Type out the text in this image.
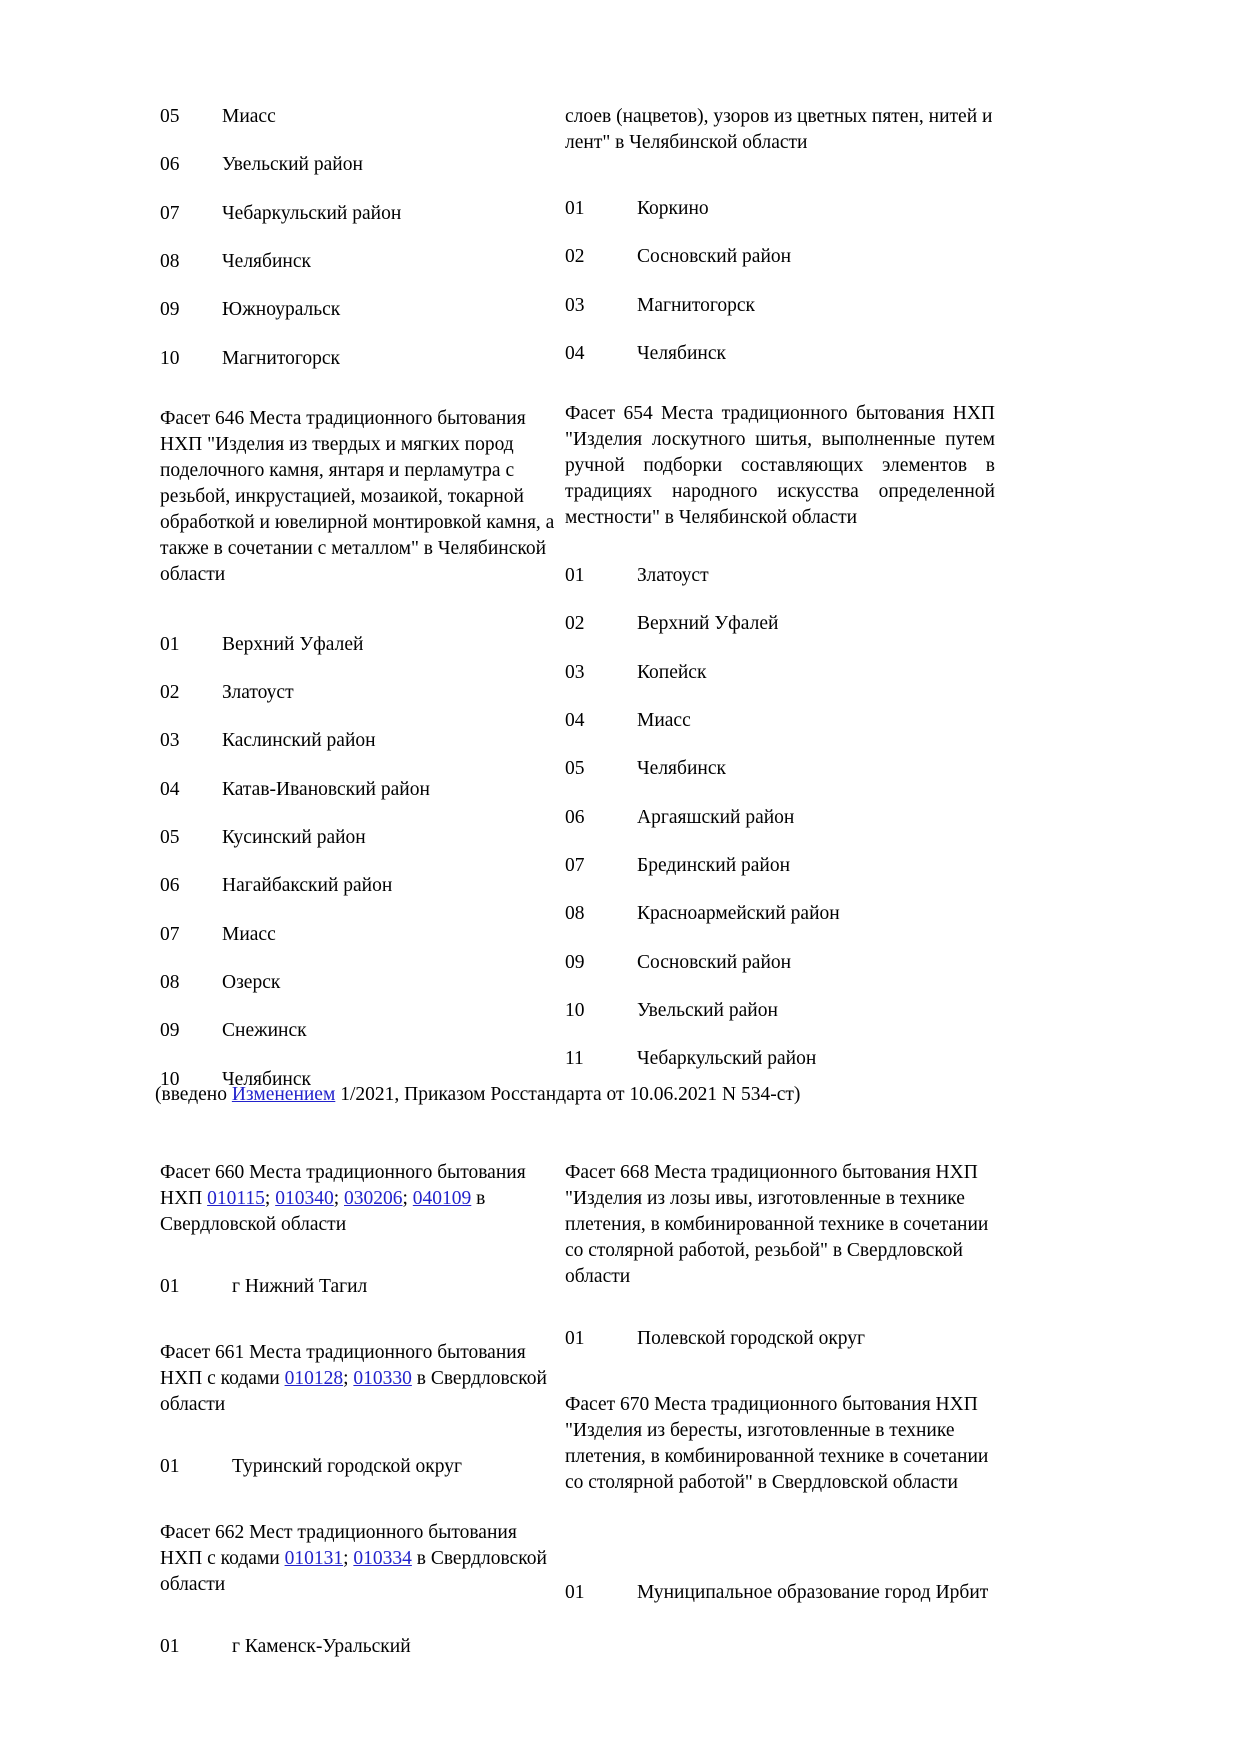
05	Миасс
06	Увельский район
07	Чебаркульский район
08	Челябинск
09	Южноуральск
10	Магнитогорск

Фасет 646 Места традиционного бытования НХП "Изделия из твердых и мягких пород поделочного камня, янтаря и перламутра с резьбой, инкрустацией, мозаикой, токарной обработкой и ювелирной монтировкой камня, а также в сочетании с металлом" в Челябинской области

01	Верхний Уфалей
02	Златоуст
03	Каслинский район
04	Катав-Ивановский район
05	Кусинский район
06	Нагайбакский район
07	Миасс
08	Озерск
09	Снежинск
10	Челябинск

слоев (нацветов), узоров из цветных пятен, нитей и лент" в Челябинской области

01	Коркино
02	Сосновский район
03	Магнитогорск
04	Челябинск

Фасет 654 Места традиционного бытования НХП "Изделия лоскутного шитья, выполненные путем ручной подборки составляющих элементов в традициях народного искусства определенной местности" в Челябинской области

01	Златоуст
02	Верхний Уфалей
03	Копейск
04	Миасс
05	Челябинск
06	Аргаяшский район
07	Брединский район
08	Красноармейский район
09	Сосновский район
10	Увельский район
11	Чебаркульский район
(введено Изменением 1/2021, Приказом Росстандарта от 10.06.2021 N 534-ст)

Фасет 660 Места традиционного бытования НХП 010115; 010340; 030206; 040109 в Свердловской области

01	г Нижний Тагил

Фасет 661 Места традиционного бытования НХП с кодами 010128; 010330 в Свердловской области

01	Туринский городской округ

Фасет 662 Мест традиционного бытования НХП с кодами 010131; 010334 в Свердловской области

01	г Каменск-Уральский

Фасет 668 Места традиционного бытования НХП "Изделия из лозы ивы, изготовленные в технике плетения, в комбинированной технике в сочетании со столярной работой, резьбой" в Свердловской области

01	Полевской городской округ

Фасет 670 Места традиционного бытования НХП "Изделия из бересты, изготовленные в технике плетения, в комбинированной технике в сочетании со столярной работой" в Свердловской области

01	Муниципальное образование город Ирбит
